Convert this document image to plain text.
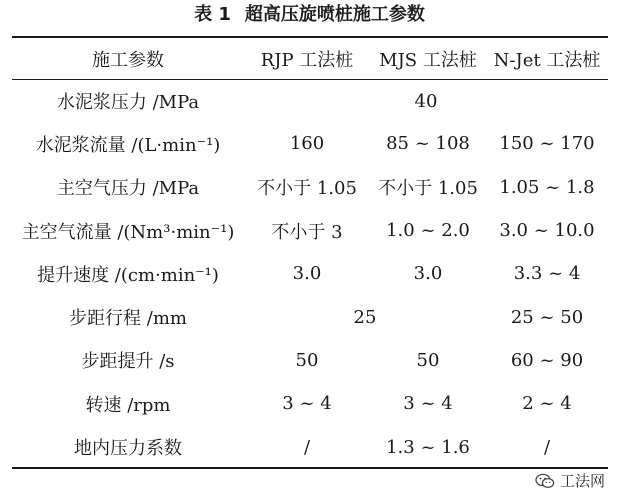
表 1 超高压旋喷桩施工参数
施工参数	RJP 工法桩	MJS 工法桩	N-Jet 工法桩
水泥浆压力 /MPa	40		
水泥浆流量 /(L·min⁻¹)	160	85 ~ 108	150 ~ 170
主空气压力 /MPa	不小于 1.05	不小于 1.05	1.05 ~ 1.8
主空气流量 /(Nm³·min⁻¹)	不小于 3	1.0 ~ 2.0	3.0 ~ 10.0
提升速度 /(cm·min⁻¹)	3.0	3.0	3.3 ~ 4
步距行程 /mm	25		25 ~ 50
步距提升 /s	50	50	60 ~ 90
转速 /rpm	3 ~ 4	3 ~ 4	2 ~ 4
地内压力系数	/	1.3 ~ 1.6	/
工法网
